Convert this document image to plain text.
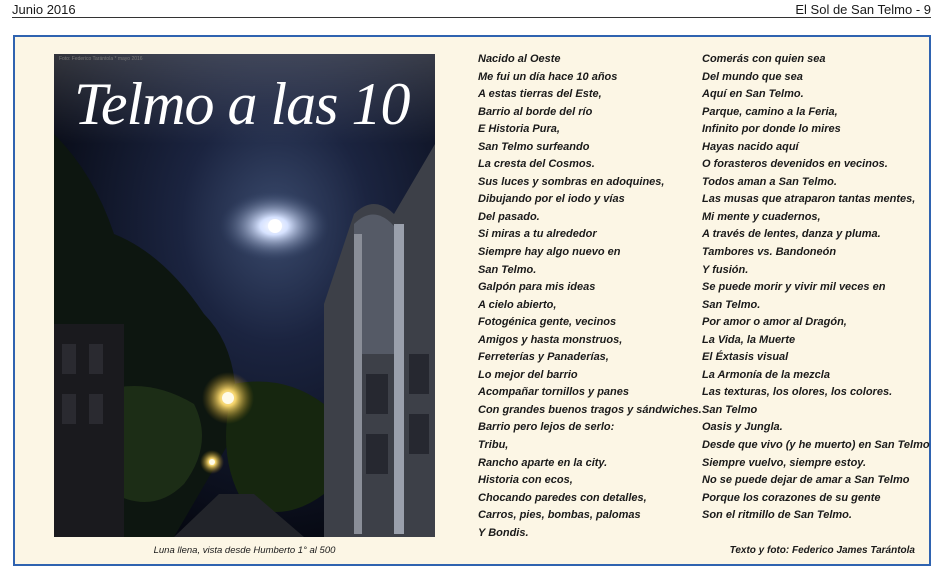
Junio 2016	El Sol de San Telmo - 9
Foto: Federico Tarántola * mayo 2016
Telmo a las 10
Luna llena, vista desde Humberto 1° al 500
Nacido al Oeste
Me fui un día hace 10 años
A estas tierras del Este,
Barrio al borde del río
E Historia Pura,
San Telmo surfeando
La cresta del Cosmos.
Sus luces y sombras en adoquines,
Dibujando por el iodo y vías
Del pasado.
Si miras a tu alrededor
Siempre hay algo nuevo en
San Telmo.
Galpón para mis ideas
A cielo abierto,
Fotogénica gente, vecinos
Amigos y hasta monstruos,
Ferreterías y Panaderías,
Lo mejor del barrio
Acompañar tornillos y panes
Con grandes buenos tragos y sándwiches.
Barrio pero lejos de serlo:
Tribu,
Rancho aparte en la city.
Historia con ecos,
Chocando paredes con detalles,
Carros, pies, bombas, palomas
Y Bondis.
Comerás con quien sea
Del mundo que sea
Aquí en San Telmo.
Parque, camino a la Feria,
Infinito por donde lo mires
Hayas nacido aquí
O forasteros devenidos en vecinos.
Todos aman a San Telmo.
Las musas que atraparon tantas mentes,
Mi mente y cuadernos,
A través de lentes, danza y pluma.
Tambores vs. Bandoneón
Y fusión.
Se puede morir y vivir mil veces en
San Telmo.
Por amor o amor al Dragón,
La Vida, la Muerte
El Éxtasis visual
La Armonía de la mezcla
Las texturas, los olores, los colores.
San Telmo
Oasis y Jungla.
Desde que vivo (y he muerto) en San Telmo
Siempre vuelvo, siempre estoy.
No se puede dejar de amar a San Telmo
Porque los corazones de su gente
Son el ritmillo de San Telmo.
Texto y foto: Federico James Tarántola
